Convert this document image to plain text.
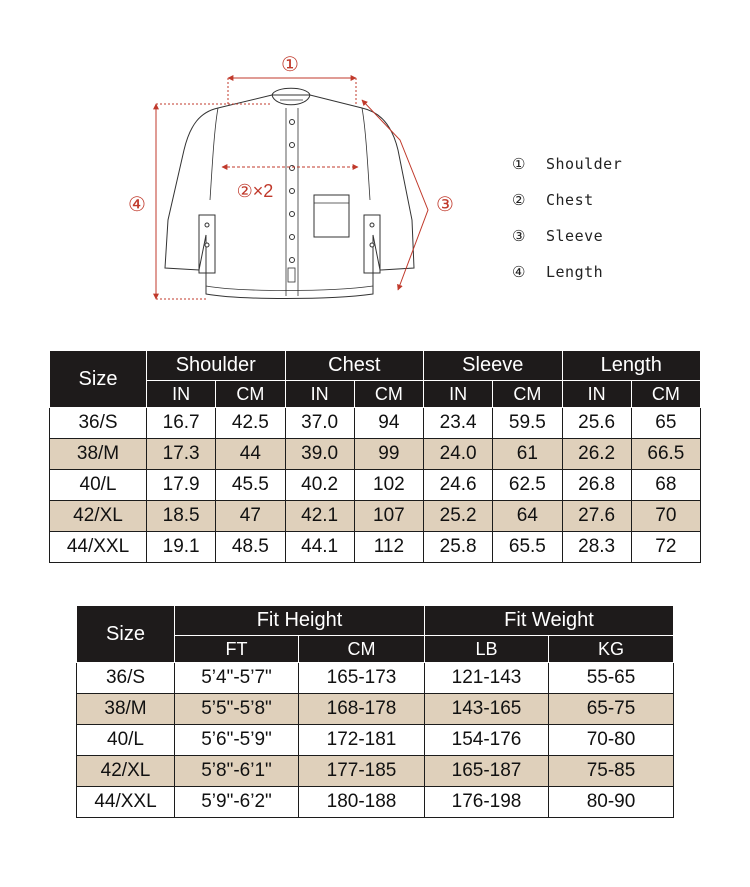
①
②×2
③
④
①	Shoulder
②	Chest
③	Sleeve
④	Length
Size	Shoulder		Chest		Sleeve		Length	
	IN	CM	IN	CM	IN	CM	IN	CM
36/S	16.7	42.5	37.0	94	23.4	59.5	25.6	65
38/M	17.3	44	39.0	99	24.0	61	26.2	66.5
40/L	17.9	45.5	40.2	102	24.6	62.5	26.8	68
42/XL	18.5	47	42.1	107	25.2	64	27.6	70
44/XXL	19.1	48.5	44.1	112	25.8	65.5	28.3	72
Size	Fit Height		Fit Weight	
	FT	CM	LB	KG
36/S	5’4"-5’7"	165-173	121-143	55-65
38/M	5’5"-5’8"	168-178	143-165	65-75
40/L	5’6"-5’9"	172-181	154-176	70-80
42/XL	5’8"-6’1"	177-185	165-187	75-85
44/XXL	5’9"-6’2"	180-188	176-198	80-90
